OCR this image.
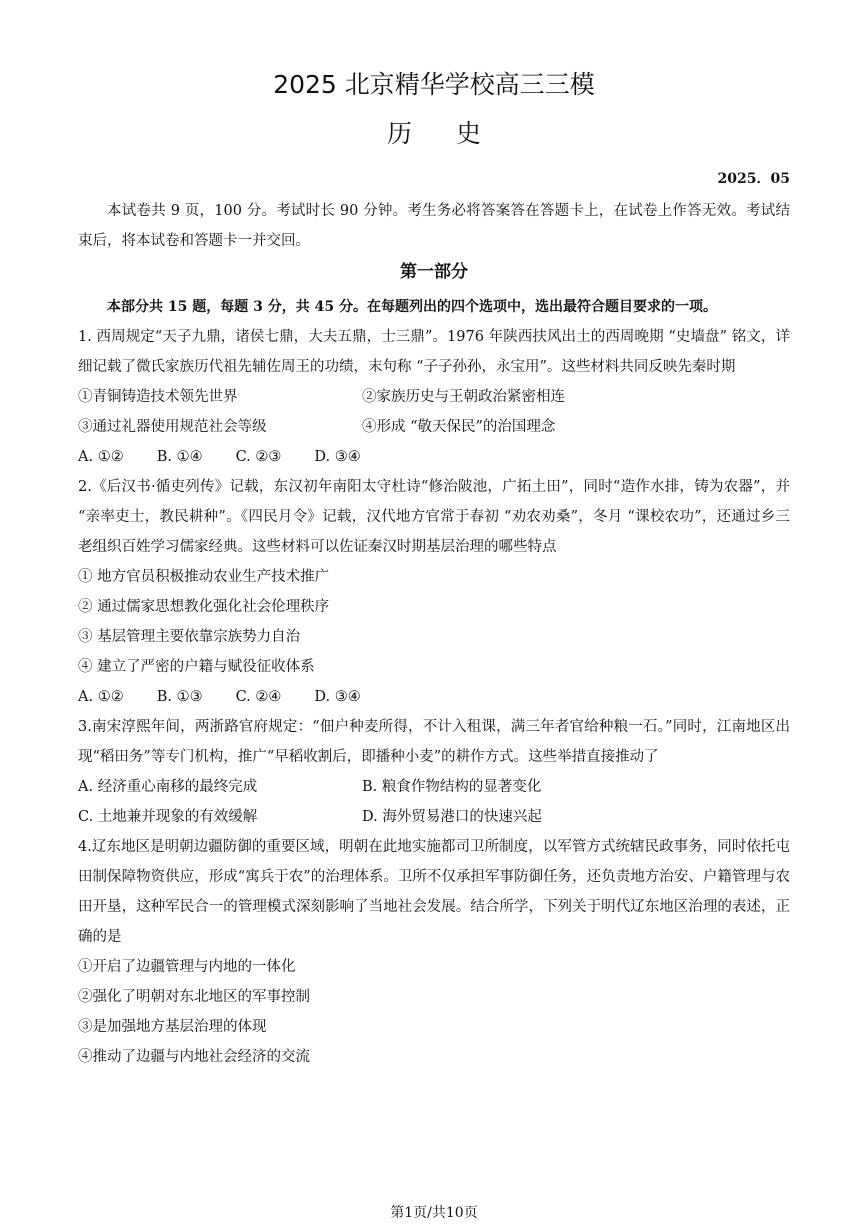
2025 北京精华学校高三三模
历史
2025．05

本试卷共 9 页，100 分。考试时长 90 分钟。考生务必将答案答在答题卡上，在试卷上作答无效。考试结束后，将本试卷和答题卡一并交回。

第一部分
本部分共 15 题，每题 3 分，共 45 分。在每题列出的四个选项中，选出最符合题目要求的一项。

1. 西周规定“天子九鼎，诸侯七鼎，大夫五鼎，士三鼎”。1976 年陕西扶风出土的西周晚期 “史墙盘” 铭文，详细记载了微氏家族历代祖先辅佐周王的功绩，末句称 “子子孙孙，永宝用”。这些材料共同反映先秦时期

①青铜铸造技术领先世界	②家族历史与王朝政治紧密相连
③通过礼器使用规范社会等级	④形成 “敬天保民”的治国理念
A. ①② B. ①④ C. ②③ D. ③④

2.《后汉书·循吏列传》记载，东汉初年南阳太守杜诗“修治陂池，广拓土田”，同时“造作水排，铸为农器”，并 “亲率吏士，教民耕种”。《四民月令》记载，汉代地方官常于春初 “劝农劝桑”，冬月 “课校农功”，还通过乡三老组织百姓学习儒家经典。这些材料可以佐证秦汉时期基层治理的哪些特点

① 地方官员积极推动农业生产技术推广

② 通过儒家思想教化强化社会伦理秩序

③ 基层管理主要依靠宗族势力自治

④ 建立了严密的户籍与赋役征收体系

A. ①② B. ①③ C. ②④ D. ③④

3.南宋淳熙年间，两浙路官府规定：“佃户种麦所得，不计入租课，满三年者官给种粮一石。”同时，江南地区出现“稻田务”等专门机构，推广“早稻收割后，即播种小麦”的耕作方式。这些举措直接推动了

A. 经济重心南移的最终完成	B. 粮食作物结构的显著变化
C. 土地兼并现象的有效缓解	D. 海外贸易港口的快速兴起

4.辽东地区是明朝边疆防御的重要区域，明朝在此地实施都司卫所制度，以军管方式统辖民政事务，同时依托屯田制保障物资供应，形成“寓兵于农”的治理体系。卫所不仅承担军事防御任务，还负责地方治安、户籍管理与农田开垦，这种军民合一的管理模式深刻影响了当地社会发展。结合所学，下列关于明代辽东地区治理的表述，正确的是

①开启了边疆管理与内地的一体化

②强化了明朝对东北地区的军事控制

③是加强地方基层治理的体现

④推动了边疆与内地社会经济的交流

第1页/共10页
